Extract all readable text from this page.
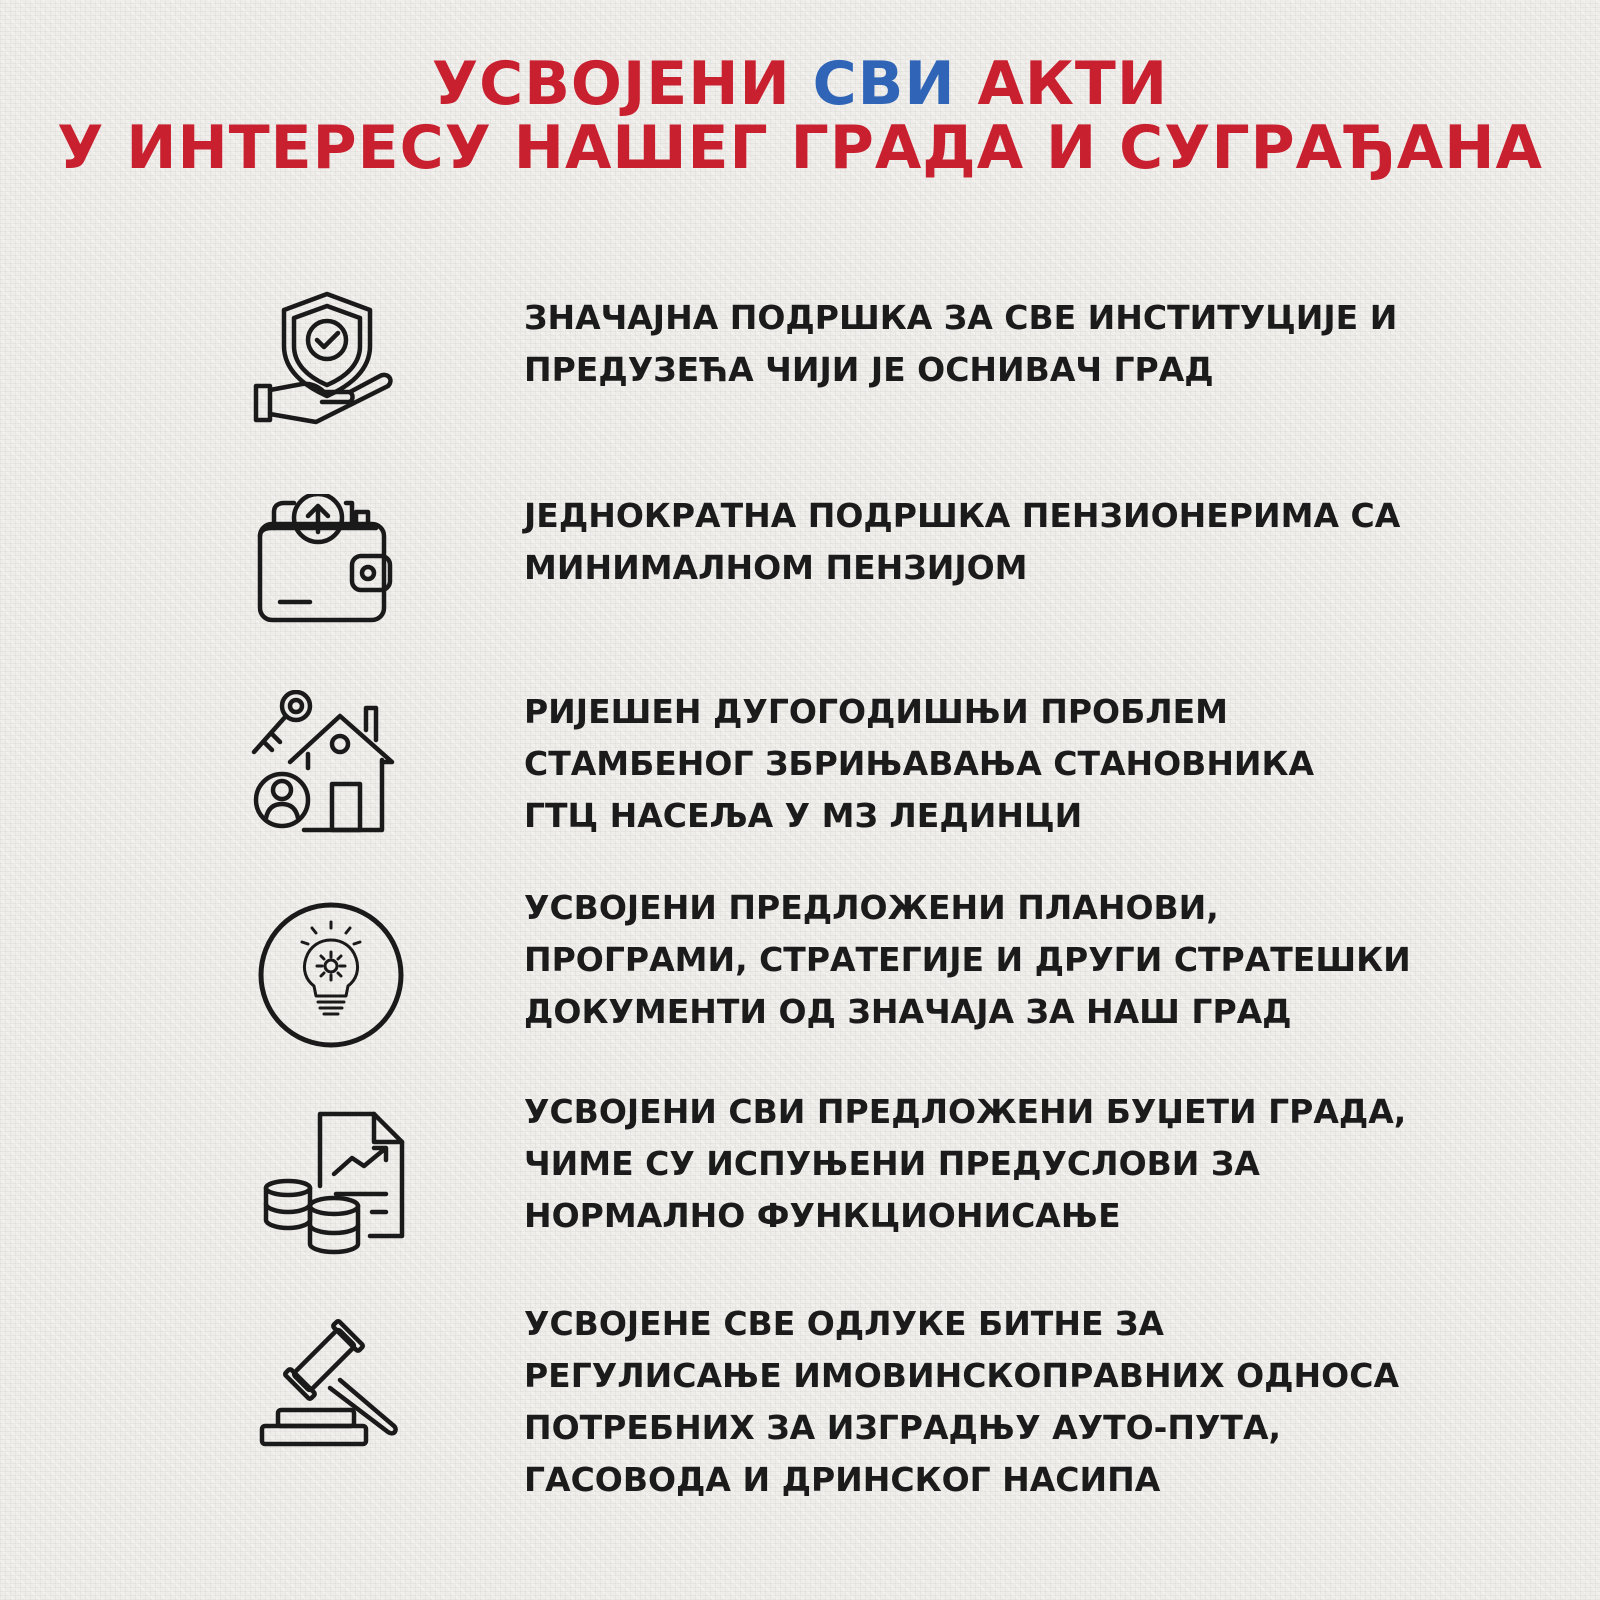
УСВОЈЕНИ СВИ АКТИ
У ИНТЕРЕСУ НАШЕГ ГРАДА И СУГРАЂАНА
ЗНАЧАЈНА ПОДРШКА ЗА СВЕ ИНСТИТУЦИЈЕ И
ПРЕДУЗЕЋА ЧИЈИ ЈЕ ОСНИВАЧ ГРАД
ЈЕДНОКРАТНА ПОДРШКА ПЕНЗИОНЕРИМА СА
МИНИМАЛНОМ ПЕНЗИЈОМ
РИЈЕШЕН ДУГОГОДИШЊИ ПРОБЛЕМ
СТАМБЕНОГ ЗБРИЊАВАЊА СТАНОВНИКА
ГТЦ НАСЕЉА У МЗ ЛЕДИНЦИ
УСВОЈЕНИ ПРЕДЛОЖЕНИ ПЛАНОВИ,
ПРОГРАМИ, СТРАТЕГИЈЕ И ДРУГИ СТРАТЕШКИ
ДОКУМЕНТИ ОД ЗНАЧАЈА ЗА НАШ ГРАД
УСВОЈЕНИ СВИ ПРЕДЛОЖЕНИ БУЏЕТИ ГРАДА,
ЧИМЕ СУ ИСПУЊЕНИ ПРЕДУСЛОВИ ЗА
НОРМАЛНО ФУНКЦИОНИСАЊЕ
УСВОЈЕНЕ СВЕ ОДЛУКЕ БИТНЕ ЗА
РЕГУЛИСАЊЕ ИМОВИНСКОПРАВНИХ ОДНОСА
ПОТРЕБНИХ ЗА ИЗГРАДЊУ АУТО-ПУТА,
ГАСОВОДА И ДРИНСКОГ НАСИПА
